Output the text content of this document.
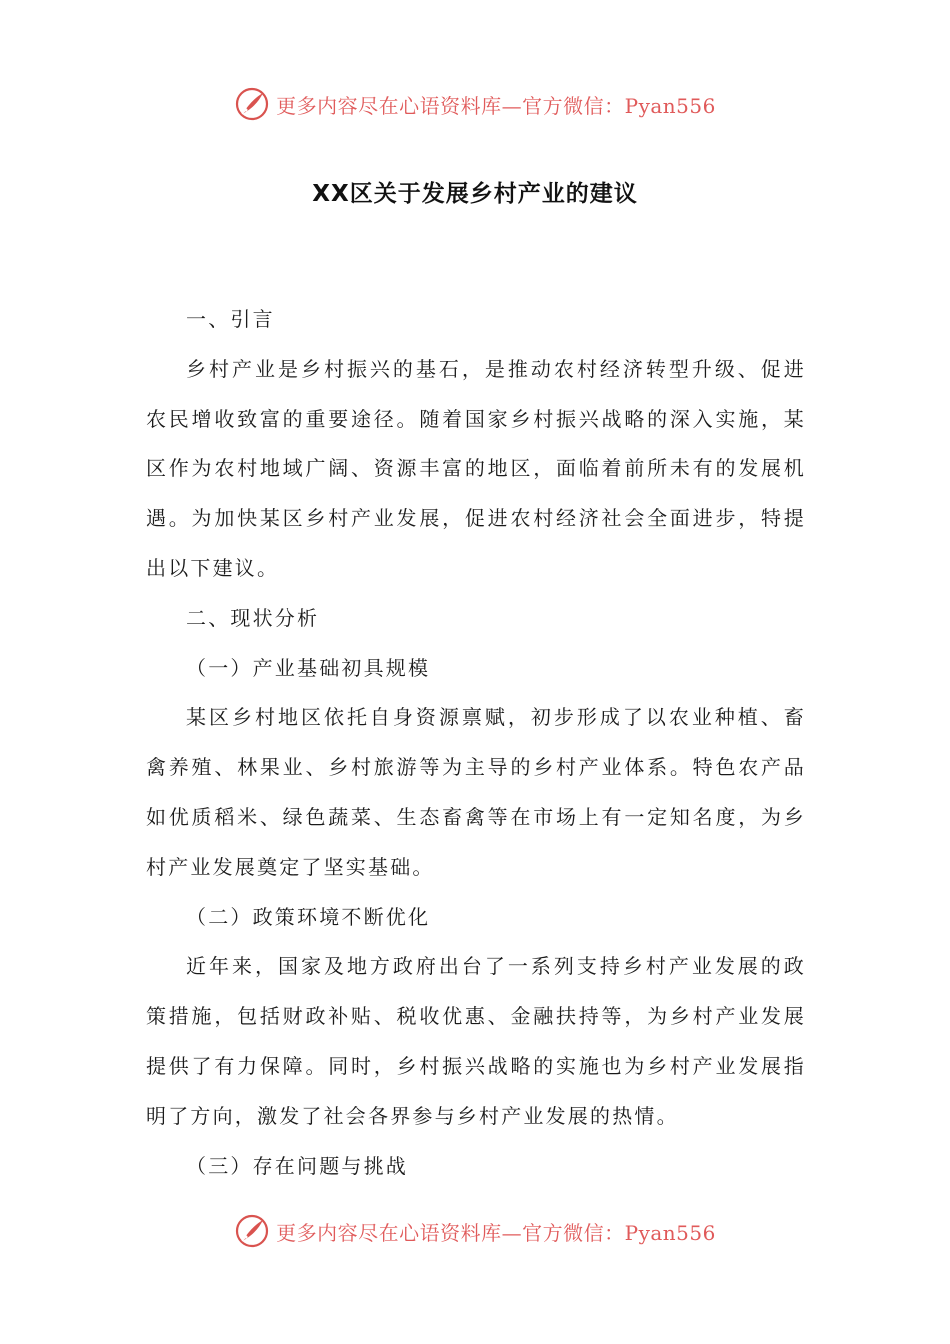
更多内容尽在心语资料库—官方微信：Pyan556
XX区关于发展乡村产业的建议

一、引言

乡村产业是乡村振兴的基石，是推动农村经济转型升级、促进农民增收致富的重要途径。随着国家乡村振兴战略的深入实施，某区作为农村地域广阔、资源丰富的地区，面临着前所未有的发展机遇。为加快某区乡村产业发展，促进农村经济社会全面进步，特提出以下建议。

二、现状分析

（一）产业基础初具规模

某区乡村地区依托自身资源禀赋，初步形成了以农业种植、畜禽养殖、林果业、乡村旅游等为主导的乡村产业体系。特色农产品如优质稻米、绿色蔬菜、生态畜禽等在市场上有一定知名度，为乡村产业发展奠定了坚实基础。

（二）政策环境不断优化

近年来，国家及地方政府出台了一系列支持乡村产业发展的政策措施，包括财政补贴、税收优惠、金融扶持等，为乡村产业发展提供了有力保障。同时，乡村振兴战略的实施也为乡村产业发展指明了方向，激发了社会各界参与乡村产业发展的热情。

（三）存在问题与挑战

更多内容尽在心语资料库—官方微信：Pyan556
